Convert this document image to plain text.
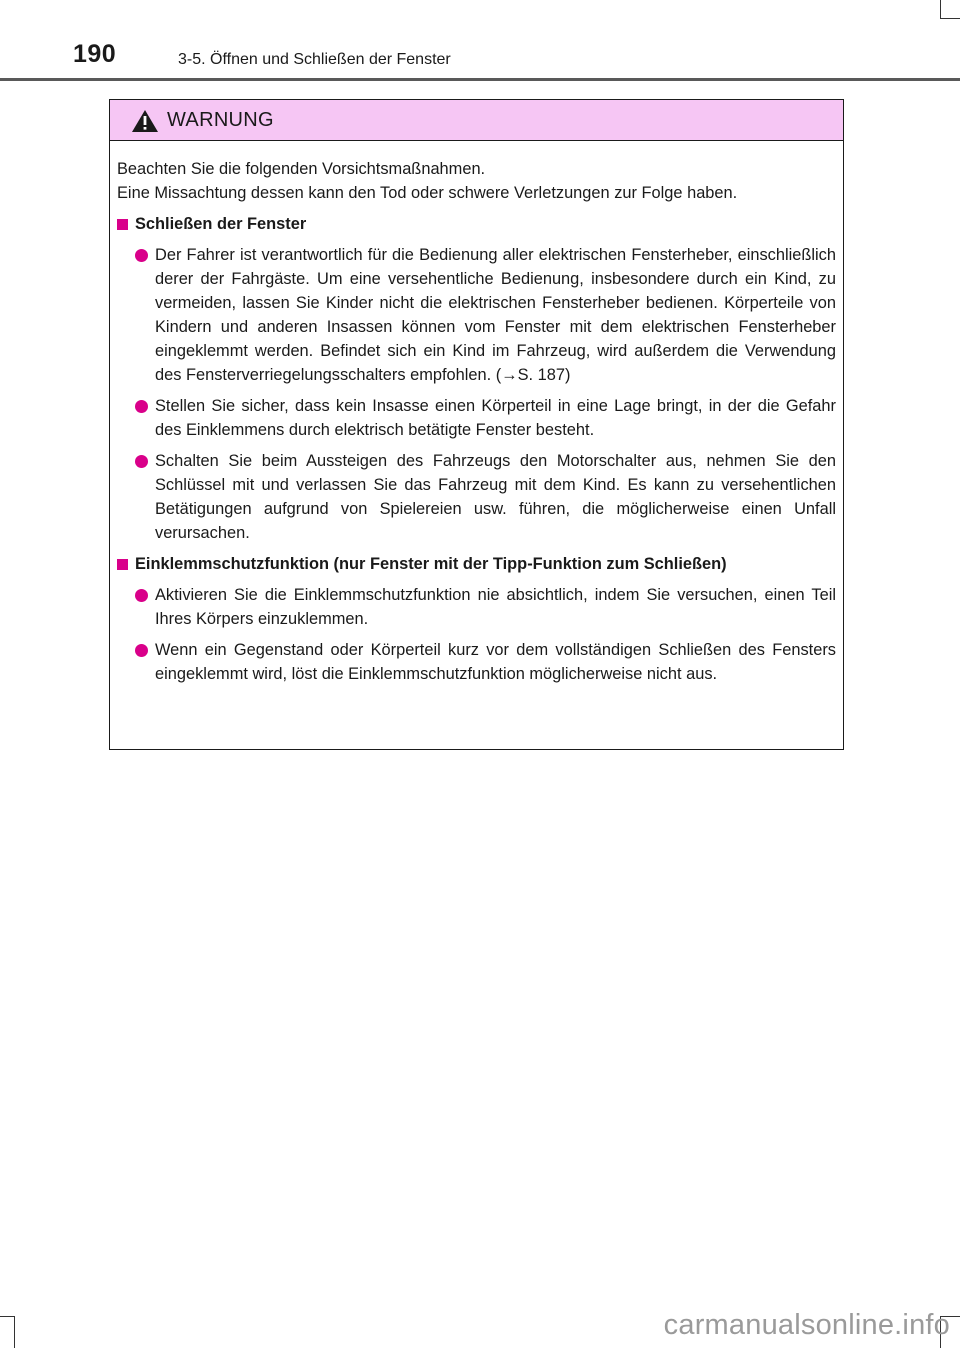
190	3-5. Öffnen und Schließen der Fenster
WARNUNG

Beachten Sie die folgenden Vorsichtsmaßnahmen.

Eine Missachtung dessen kann den Tod oder schwere Verletzungen zur Folge haben.

Schließen der Fenster

Der Fahrer ist verantwortlich für die Bedienung aller elektrischen Fensterheber, einschließlich derer der Fahrgäste. Um eine versehentliche Bedienung, insbesondere durch ein Kind, zu vermeiden, lassen Sie Kinder nicht die elektrischen Fensterheber bedienen. Körperteile von Kindern und anderen Insassen können vom Fenster mit dem elektrischen Fensterheber eingeklemmt werden. Befindet sich ein Kind im Fahrzeug, wird außerdem die Verwendung des Fensterverriegelungsschalters empfohlen. (→S. 187)

Stellen Sie sicher, dass kein Insasse einen Körperteil in eine Lage bringt, in der die Gefahr des Einklemmens durch elektrisch betätigte Fenster besteht.

Schalten Sie beim Aussteigen des Fahrzeugs den Motorschalter aus, nehmen Sie den Schlüssel mit und verlassen Sie das Fahrzeug mit dem Kind. Es kann zu versehentlichen Betätigungen aufgrund von Spielereien usw. führen, die möglicherweise einen Unfall verursachen.

Einklemmschutzfunktion (nur Fenster mit der Tipp-Funktion zum Schließen)

Aktivieren Sie die Einklemmschutzfunktion nie absichtlich, indem Sie versuchen, einen Teil Ihres Körpers einzuklemmen.

Wenn ein Gegenstand oder Körperteil kurz vor dem vollständigen Schließen des Fensters eingeklemmt wird, löst die Einklemmschutzfunktion möglicherweise nicht aus.

carmanualsonline.info
